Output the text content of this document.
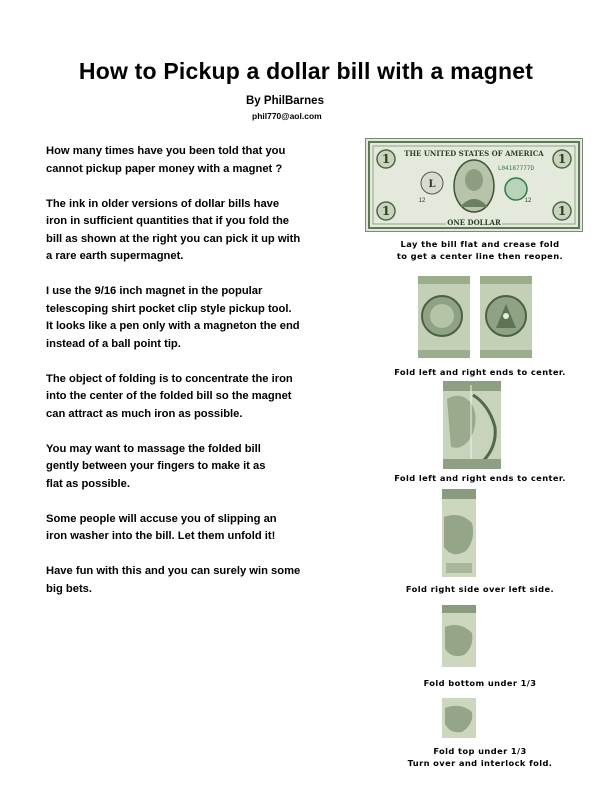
How to Pickup a dollar bill with a magnet
By PhilBarnes
phil770@aol.com

How many times have you been told that you
cannot pickup paper money with a magnet ?

The ink in older versions of dollar bills have
iron in sufficient quantities that if you fold the
bill as shown at the right you can pick it up with
a rare earth supermagnet.

I use the 9/16 inch magnet in the popular
telescoping shirt pocket clip style pickup tool.
It looks like a pen only with a magneton the end
instead of a ball point tip.

The object of folding is to concentrate the iron
into the center of the folded bill so the magnet
can attract as much iron as possible.

You may want to massage the folded bill
gently between your fingers to make it as
flat as possible.

Some people will accuse you of slipping an
iron washer into the bill. Let them unfold it!

Have fun with this and you can surely win some
big bets.

1	1
1	1
THE UNITED STATES OF AMERICA
L
L04187777D
12	12
ONE DOLLAR
Lay the bill flat and crease fold
to get a center line then reopen.
Fold left and right ends to center.
Fold left and right ends to center.
Fold right side over left side.
Fold bottom under 1/3
Fold top under 1/3
Turn over and interlock fold.
